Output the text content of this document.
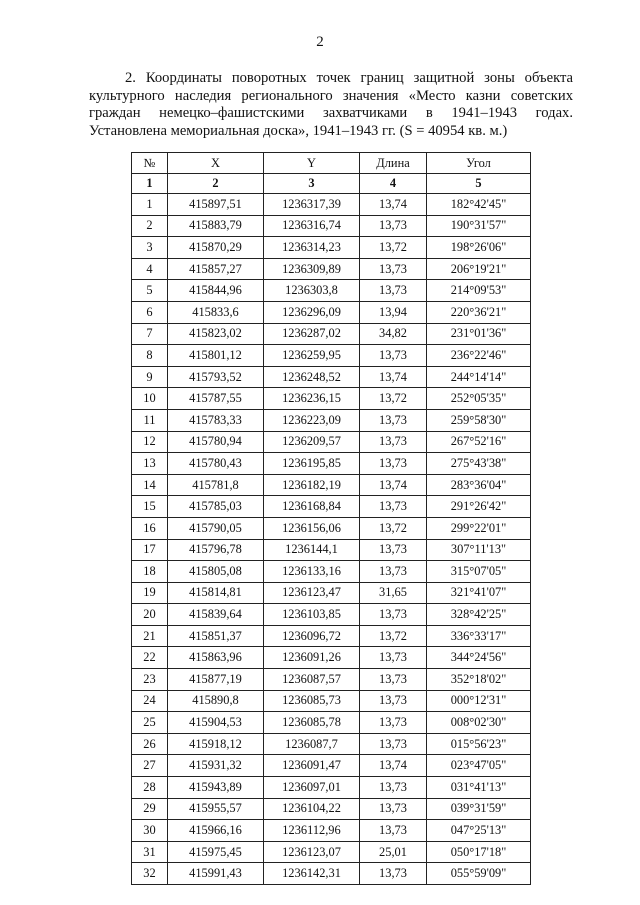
2
2. Координаты поворотных точек границ защитной зоны объекта
культурного наследия регионального значения «Место казни советских
граждан немецко–фашистскими захватчиками в 1941–1943 годах.
Установлена мемориальная доска», 1941–1943 гг. (S = 40954 кв. м.)
№	X	Y	Длина	Угол
1	2	3	4	5
1	415897,51	1236317,39	13,74	182°42'45"
2	415883,79	1236316,74	13,73	190°31'57"
3	415870,29	1236314,23	13,72	198°26'06"
4	415857,27	1236309,89	13,73	206°19'21"
5	415844,96	1236303,8	13,73	214°09'53"
6	415833,6	1236296,09	13,94	220°36'21"
7	415823,02	1236287,02	34,82	231°01'36"
8	415801,12	1236259,95	13,73	236°22'46"
9	415793,52	1236248,52	13,74	244°14'14"
10	415787,55	1236236,15	13,72	252°05'35"
11	415783,33	1236223,09	13,73	259°58'30"
12	415780,94	1236209,57	13,73	267°52'16"
13	415780,43	1236195,85	13,73	275°43'38"
14	415781,8	1236182,19	13,74	283°36'04"
15	415785,03	1236168,84	13,73	291°26'42"
16	415790,05	1236156,06	13,72	299°22'01"
17	415796,78	1236144,1	13,73	307°11'13"
18	415805,08	1236133,16	13,73	315°07'05"
19	415814,81	1236123,47	31,65	321°41'07"
20	415839,64	1236103,85	13,73	328°42'25"
21	415851,37	1236096,72	13,72	336°33'17"
22	415863,96	1236091,26	13,73	344°24'56"
23	415877,19	1236087,57	13,73	352°18'02"
24	415890,8	1236085,73	13,73	000°12'31"
25	415904,53	1236085,78	13,73	008°02'30"
26	415918,12	1236087,7	13,73	015°56'23"
27	415931,32	1236091,47	13,74	023°47'05"
28	415943,89	1236097,01	13,73	031°41'13"
29	415955,57	1236104,22	13,73	039°31'59"
30	415966,16	1236112,96	13,73	047°25'13"
31	415975,45	1236123,07	25,01	050°17'18"
32	415991,43	1236142,31	13,73	055°59'09"
